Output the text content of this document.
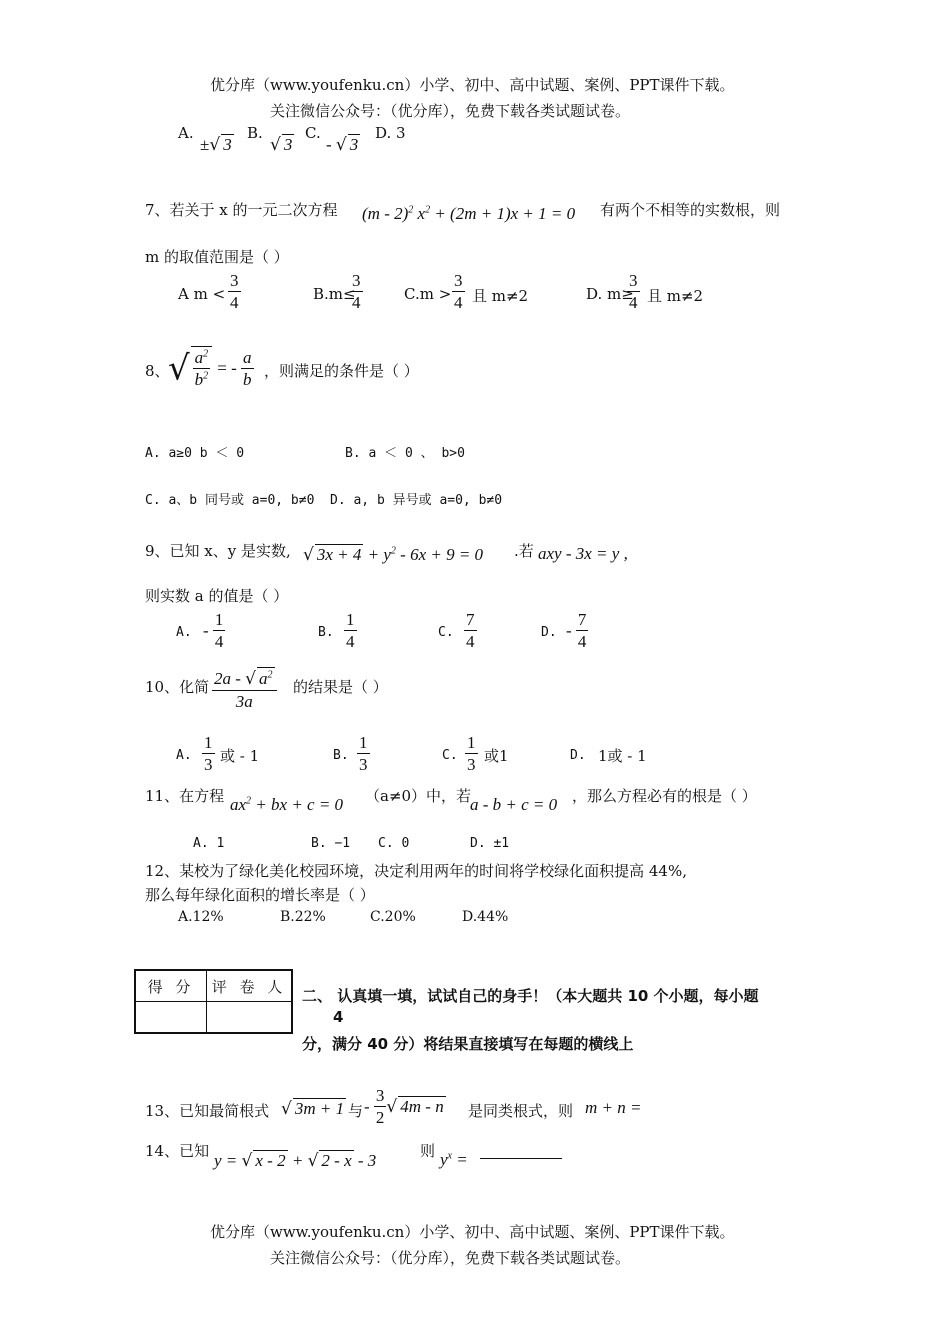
优分库（www.youfenku.cn）小学、初中、高中试题、案例、PPT课件下载。
关注微信公众号：（优分库），免费下载各类试题试卷。
A.
±√ 3
B.
√ 3
C.
- √ 3
D. 3
7、若关于 x 的一元二次方程 (m - 2)$^2$ $x^2 + (2m + 1)x + 1 = 0$ 有两个不相等的实数根，则
m 的取值范围是（ ）
A $m < \frac{3}{4}$	B.m≤
$\frac{3}{4}$	$C.m > \frac{3}{4}$ 且 m≠2	D. m≥
$\frac{3}{4}$ 且 m≠2
8、
√ $\frac{a^2}{b^2}$ = - $\frac{a}{b}$ ，则满足的条件是（ ）
A. a≥0 b ＜ 0	B. a ＜ 0 、 b>0
C. a、b 同号或 a=0, b≠0 D. a, b 异号或 a=0, b≠0
9、已知 x、y 是实数, √ $3x + 4 + y^2 - 6x + 9 = 0$ .若 axy - 3x = y ,
则实数 a 的值是（ ）
A. - $\frac{1}{4}$	B. $\frac{1}{4}$	C. $\frac{7}{4}$	D. - $\frac{7}{4}$
10、化简 $\frac{2a - √ a^2}{3a}$ 的结果是（ ）
A. $\frac{1}{3}$ 或 - 1	B. $\frac{1}{3}$	C. $\frac{1}{3}$ 或1	D. 1或 - 1
11、在方程 $ax^2$ + bx + c = 0 （a≠0）中，若
a - b + c = 0 ，那么方程必有的根是（ ）
A. 1	B. −1 C. 0	D. ±1
12、某校为了绿化美化校园环境，决定利用两年的时间将学校绿化面积提高 44%,
那么每年绿化面积的增长率是（ ）
A.12%	B.22%	C.20%	D.44%
得 分	评 卷 人

二、 认真填一填，试试自己的身手！（本大题共 10 个小题，每小题
4
分，满分 40 分）将结果直接填写在每题的横线上
13、已知最简根式 √ 3m + 1 与 - $\frac{3}{2}$ √ 4m - n 是同类根式，则 m + n =
14、已知 y = √ x - 2 + √ 2 - x - 3	则 $y^x$ =
优分库（www.youfenku.cn）小学、初中、高中试题、案例、PPT课件下载。
关注微信公众号：（优分库），免费下载各类试题试卷。
